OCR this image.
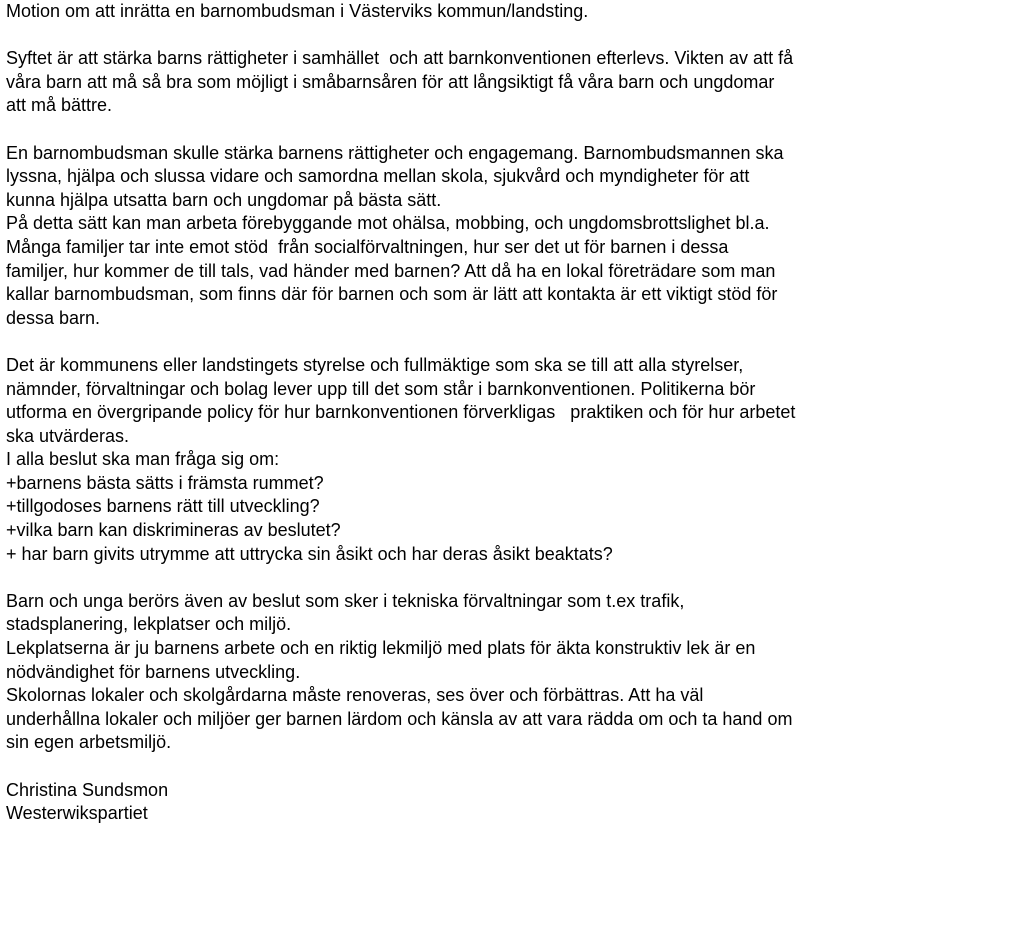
Motion om att inrätta en barnombudsman i Västerviks kommun/landsting.
Syftet är att stärka barns rättigheter i samhället  och att barnkonventionen efterlevs. Vikten av att få
våra barn att må så bra som möjligt i småbarnsåren för att långsiktigt få våra barn och ungdomar
att må bättre.
En barnombudsman skulle stärka barnens rättigheter och engagemang. Barnombudsmannen ska
lyssna, hjälpa och slussa vidare och samordna mellan skola, sjukvård och myndigheter för att
kunna hjälpa utsatta barn och ungdomar på bästa sätt.
På detta sätt kan man arbeta förebyggande mot ohälsa, mobbing, och ungdomsbrottslighet bl.a.
Många familjer tar inte emot stöd  från socialförvaltningen, hur ser det ut för barnen i dessa
familjer, hur kommer de till tals, vad händer med barnen? Att då ha en lokal företrädare som man
kallar barnombudsman, som finns där för barnen och som är lätt att kontakta är ett viktigt stöd för
dessa barn.
Det är kommunens eller landstingets styrelse och fullmäktige som ska se till att alla styrelser,
nämnder, förvaltningar och bolag lever upp till det som står i barnkonventionen. Politikerna bör
utforma en övergripande policy för hur barnkonventionen förverkligas   praktiken och för hur arbetet
ska utvärderas.
I alla beslut ska man fråga sig om:
+barnens bästa sätts i främsta rummet?
+tillgodoses barnens rätt till utveckling?
+vilka barn kan diskrimineras av beslutet?
+ har barn givits utrymme att uttrycka sin åsikt och har deras åsikt beaktats?
Barn och unga berörs även av beslut som sker i tekniska förvaltningar som t.ex trafik,
stadsplanering, lekplatser och miljö.
Lekplatserna är ju barnens arbete och en riktig lekmiljö med plats för äkta konstruktiv lek är en
nödvändighet för barnens utveckling.
Skolornas lokaler och skolgårdarna måste renoveras, ses över och förbättras. Att ha väl
underhållna lokaler och miljöer ger barnen lärdom och känsla av att vara rädda om och ta hand om
sin egen arbetsmiljö.
Christina Sundsmon
Westerwikspartiet
